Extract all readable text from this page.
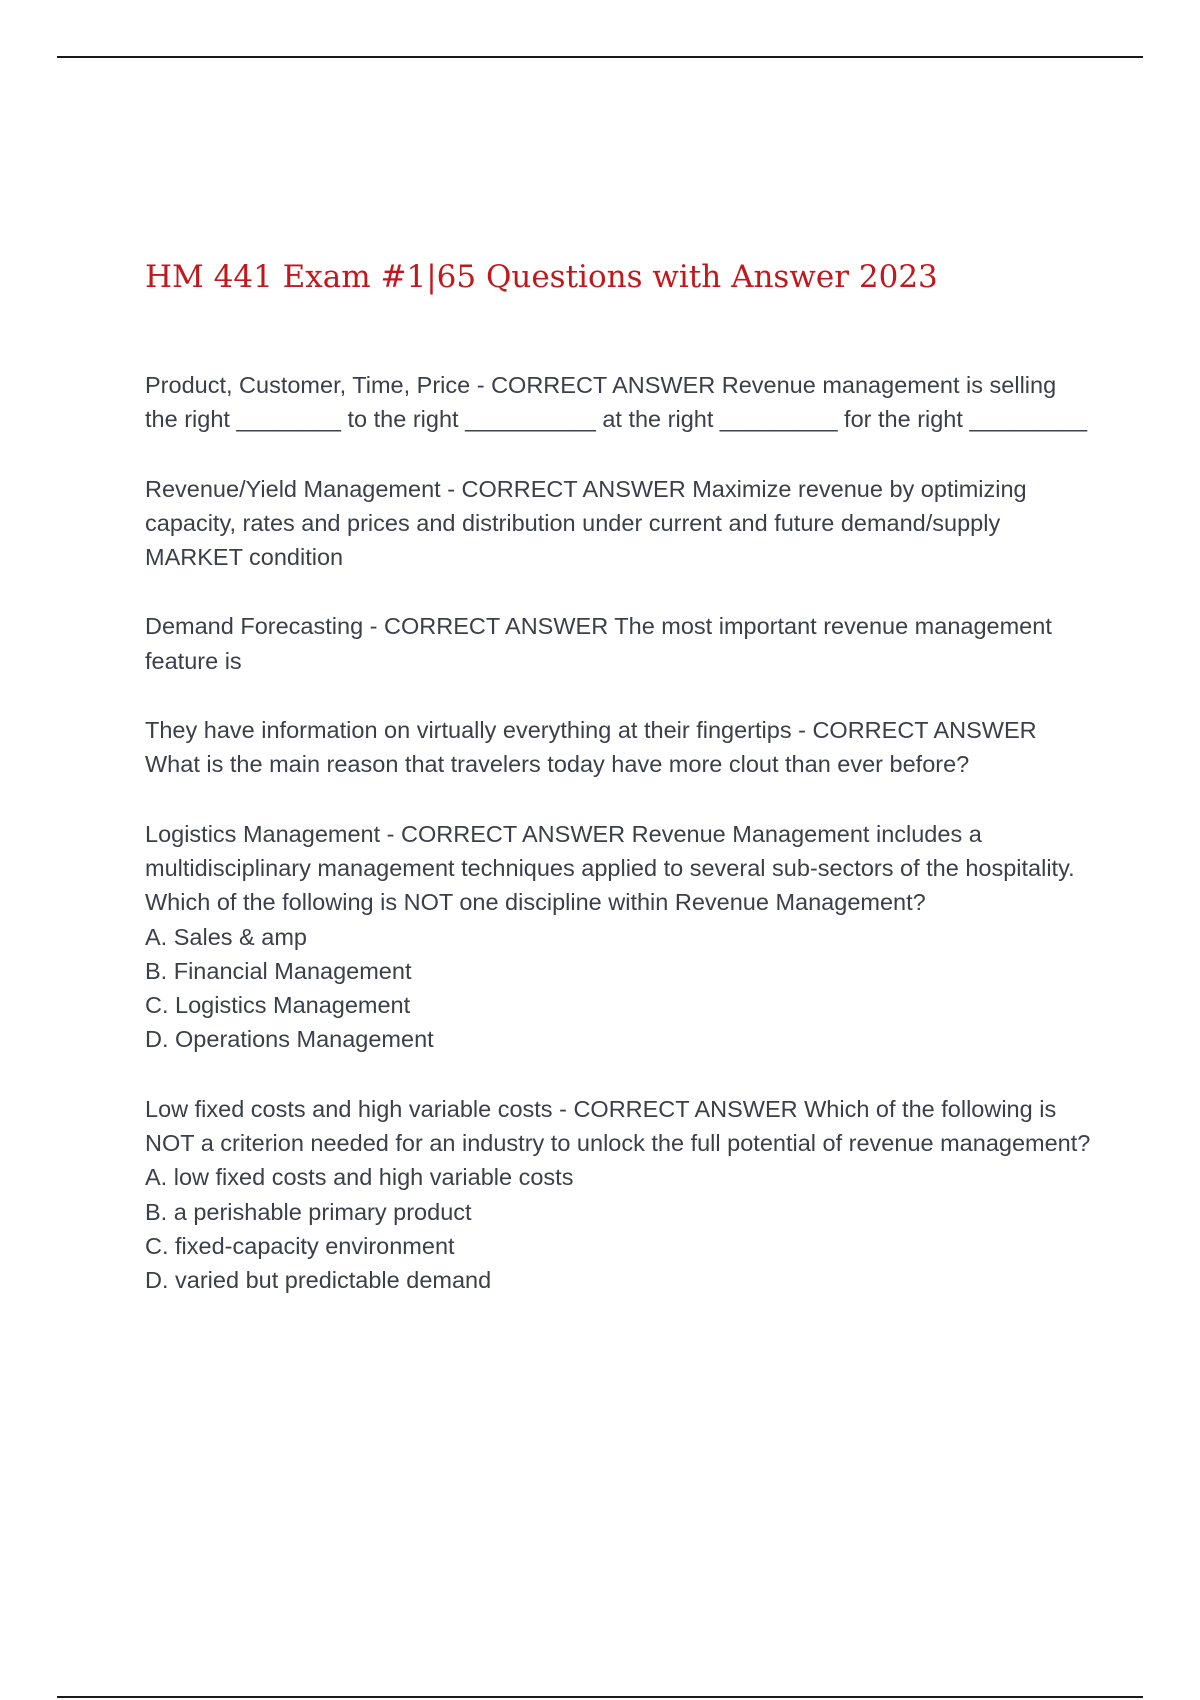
HM 441 Exam #1|65 Questions with Answer 2023

Product, Customer, Time, Price - CORRECT ANSWER Revenue management is selling the right ________ to the right __________ at the right _________ for the right _________

Revenue/Yield Management - CORRECT ANSWER Maximize revenue by optimizing capacity, rates and prices and distribution under current and future demand/supply MARKET condition

Demand Forecasting - CORRECT ANSWER The most important revenue management feature is

They have information on virtually everything at their fingertips - CORRECT ANSWER What is the main reason that travelers today have more clout than ever before?

Logistics Management - CORRECT ANSWER Revenue Management includes a multidisciplinary management techniques applied to several sub-sectors of the hospitality. Which of the following is NOT one discipline within Revenue Management?

A. Sales & amp
B. Financial Management
C. Logistics Management
D. Operations Management

Low fixed costs and high variable costs - CORRECT ANSWER Which of the following is NOT a criterion needed for an industry to unlock the full potential of revenue management?

A. low fixed costs and high variable costs
B. a perishable primary product
C. fixed-capacity environment
D. varied but predictable demand
